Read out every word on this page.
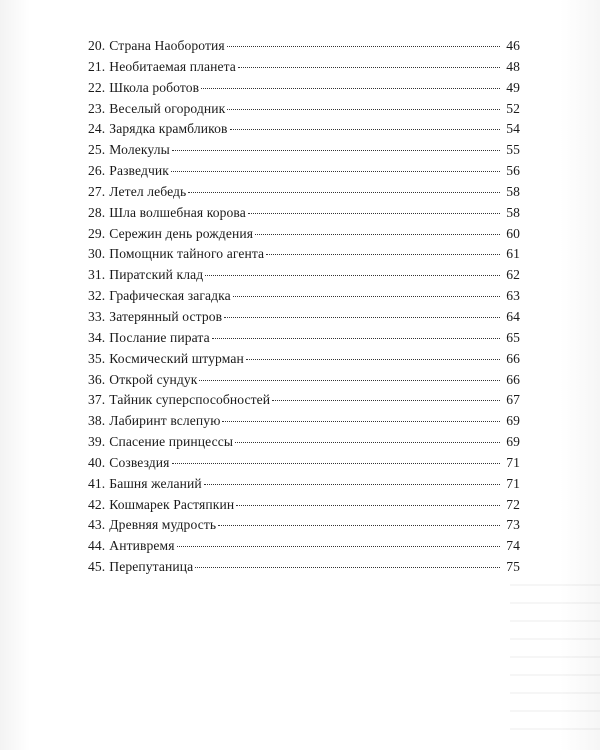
20. Страна Наоборотия	46
21. Необитаемая планета	48
22. Школа роботов	49
23. Веселый огородник	52
24. Зарядка крамбликов	54
25. Молекулы	55
26. Разведчик	56
27. Летел лебедь	58
28. Шла волшебная корова	58
29. Сережин день рождения	60
30. Помощник тайного агента	61
31. Пиратский клад	62
32. Графическая загадка	63
33. Затерянный остров	64
34. Послание пирата	65
35. Космический штурман	66
36. Открой сундук	66
37. Тайник суперспособностей	67
38. Лабиринт вслепую	69
39. Спасение принцессы	69
40. Созвездия	71
41. Башня желаний	71
42. Кошмарек Растяпкин	72
43. Древняя мудрость	73
44. Антивремя	74
45. Перепутаница	75
